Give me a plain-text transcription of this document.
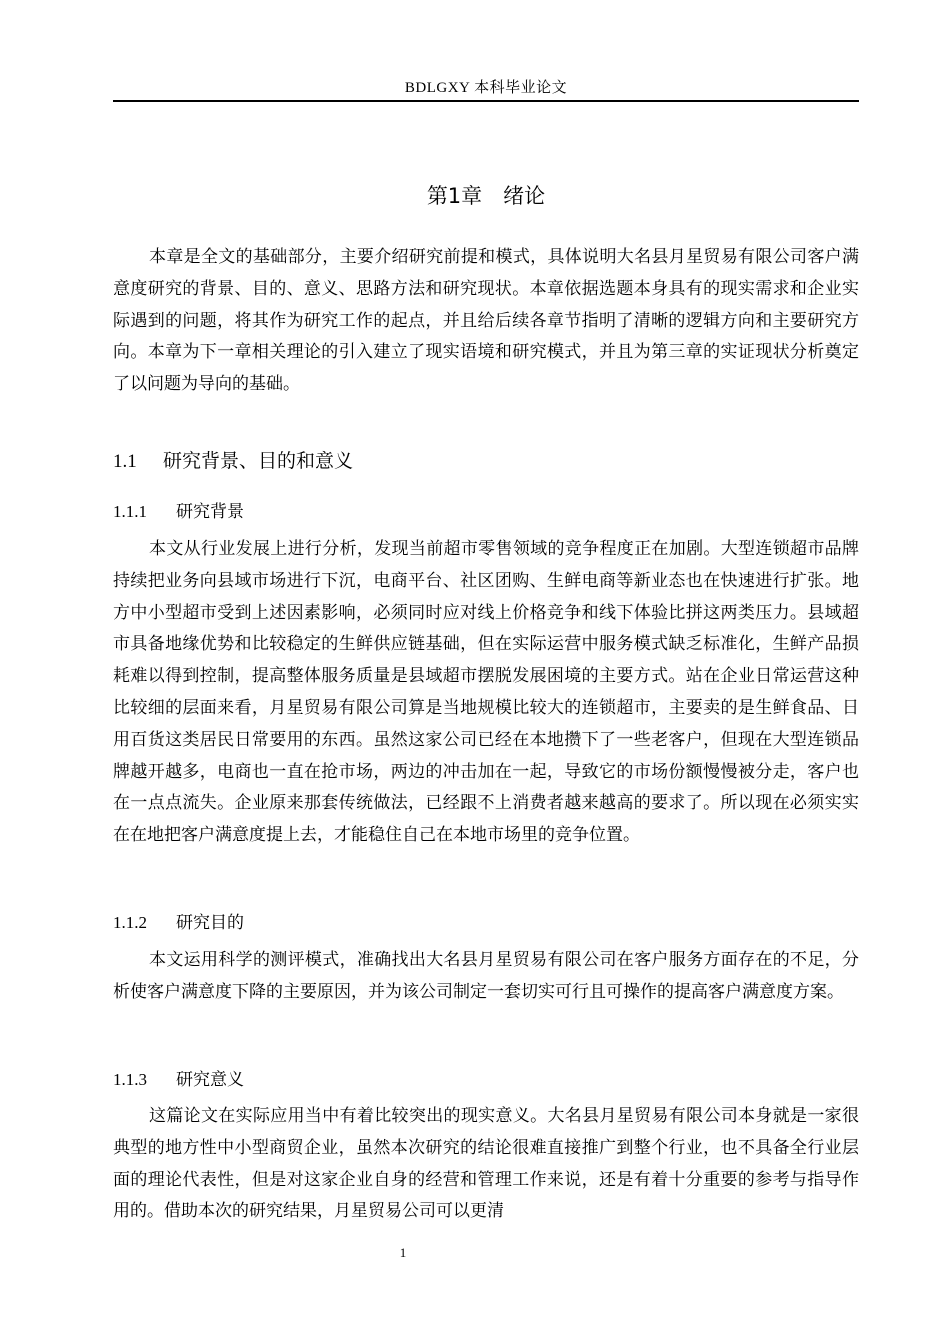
BDLGXY 本科毕业论文
第1章　绪论

本章是全文的基础部分，主要介绍研究前提和模式，具体说明大名县月星贸易有限公司客户满意度研究的背景、目的、意义、思路方法和研究现状。本章依据选题本身具有的现实需求和企业实际遇到的问题，将其作为研究工作的起点，并且给后续各章节指明了清晰的逻辑方向和主要研究方向。本章为下一章相关理论的引入建立了现实语境和研究模式，并且为第三章的实证现状分析奠定了以问题为导向的基础。

1.1 研究背景、目的和意义
1.1.1 研究背景

本文从行业发展上进行分析，发现当前超市零售领域的竞争程度正在加剧。大型连锁超市品牌持续把业务向县域市场进行下沉，电商平台、社区团购、生鲜电商等新业态也在快速进行扩张。地方中小型超市受到上述因素影响，必须同时应对线上价格竞争和线下体验比拼这两类压力。县域超市具备地缘优势和比较稳定的生鲜供应链基础，但在实际运营中服务模式缺乏标准化，生鲜产品损耗难以得到控制，提高整体服务质量是县域超市摆脱发展困境的主要方式。站在企业日常运营这种比较细的层面来看，月星贸易有限公司算是当地规模比较大的连锁超市，主要卖的是生鲜食品、日用百货这类居民日常要用的东西。虽然这家公司已经在本地攒下了一些老客户，但现在大型连锁品牌越开越多，电商也一直在抢市场，两边的冲击加在一起，导致它的市场份额慢慢被分走，客户也在一点点流失。企业原来那套传统做法，已经跟不上消费者越来越高的要求了。所以现在必须实实在在地把客户满意度提上去，才能稳住自己在本地市场里的竞争位置。

1.1.2 研究目的

本文运用科学的测评模式，准确找出大名县月星贸易有限公司在客户服务方面存在的不足，分析使客户满意度下降的主要原因，并为该公司制定一套切实可行且可操作的提高客户满意度方案。

1.1.3 研究意义

这篇论文在实际应用当中有着比较突出的现实意义。大名县月星贸易有限公司本身就是一家很典型的地方性中小型商贸企业，虽然本次研究的结论很难直接推广到整个行业，也不具备全行业层面的理论代表性，但是对这家企业自身的经营和管理工作来说，还是有着十分重要的参考与指导作用的。借助本次的研究结果，月星贸易公司可以更清

1
